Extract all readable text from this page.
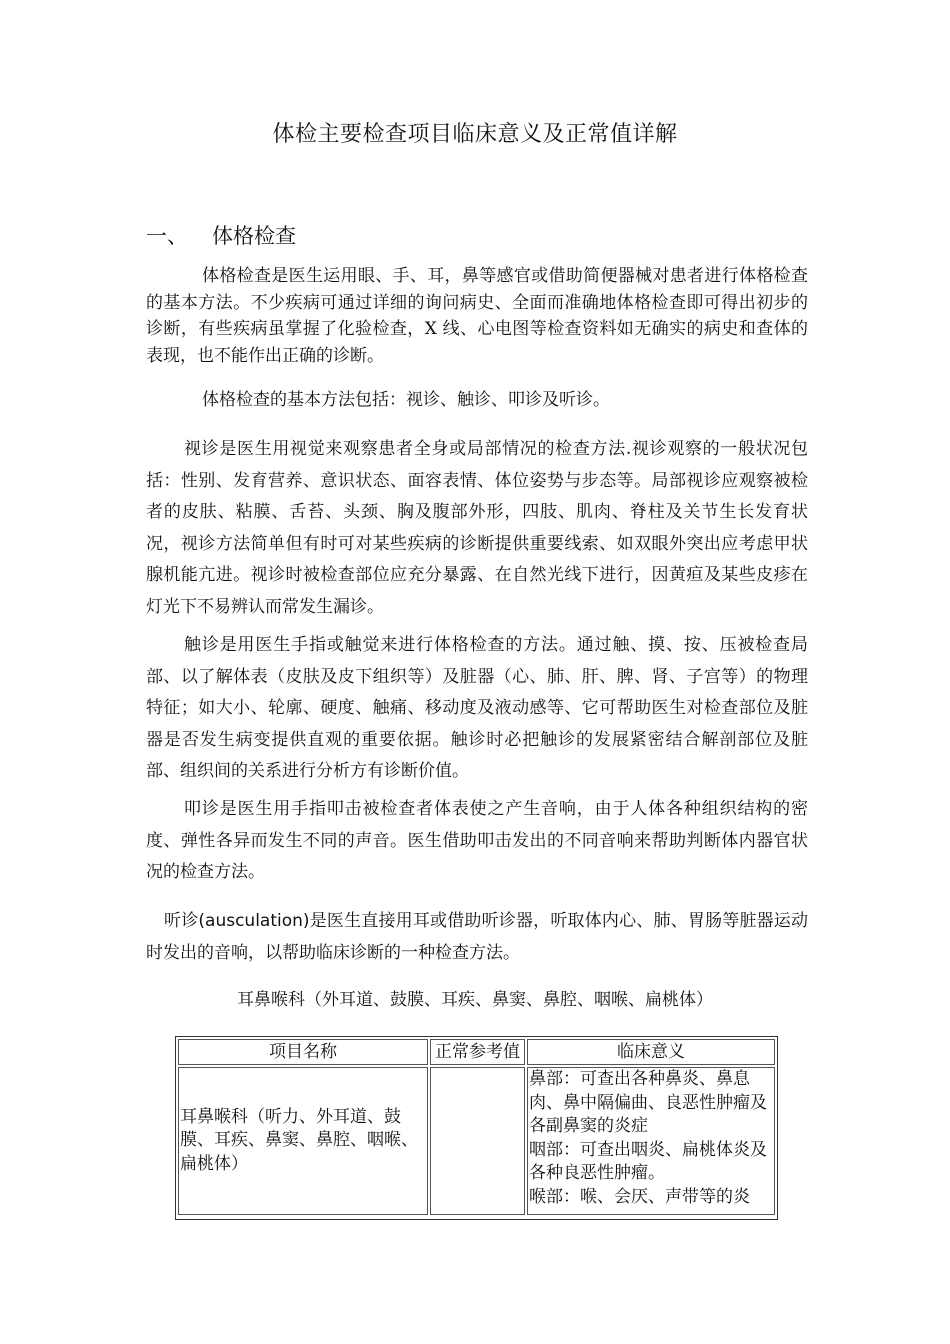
体检主要检查项目临床意义及正常值详解
一、 体格检查

体格检查是医生运用眼、手、耳，鼻等感官或借助简便器械对患者进行体格检查的基本方法。不少疾病可通过详细的询问病史、全面而准确地体格检查即可得出初步的诊断，有些疾病虽掌握了化验检查，X 线、心电图等检查资料如无确实的病史和查体的表现，也不能作出正确的诊断。

体格检查的基本方法包括：视诊、触诊、叩诊及听诊。

视诊是医生用视觉来观察患者全身或局部情况的检查方法.视诊观察的一般状况包括：性别、发育营养、意识状态、面容表情、体位姿势与步态等。局部视诊应观察被检者的皮肤、粘膜、舌苔、头颈、胸及腹部外形，四肢、肌肉、脊柱及关节生长发育状况，视诊方法简单但有时可对某些疾病的诊断提供重要线索、如双眼外突出应考虑甲状腺机能亢进。视诊时被检查部位应充分暴露、在自然光线下进行，因黄疸及某些皮疹在灯光下不易辨认而常发生漏诊。

触诊是用医生手指或触觉来进行体格检查的方法。通过触、摸、按、压被检查局部、以了解体表（皮肤及皮下组织等）及脏器（心、肺、肝、脾、肾、子宫等）的物理特征；如大小、轮廓、硬度、触痛、移动度及液动感等、它可帮助医生对检查部位及脏器是否发生病变提供直观的重要依据。触诊时必把触诊的发展紧密结合解剖部位及脏部、组织间的关系进行分析方有诊断价值。

叩诊是医生用手指叩击被检查者体表使之产生音响，由于人体各种组织结构的密度、弹性各异而发生不同的声音。医生借助叩击发出的不同音响来帮助判断体内器官状况的检查方法。

听诊(ausculation)是医生直接用耳或借助听诊器，听取体内心、肺、胃肠等脏器运动时发出的音响，以帮助临床诊断的一种检查方法。

耳鼻喉科（外耳道、鼓膜、耳疾、鼻窦、鼻腔、咽喉、扁桃体）
项目名称	正常参考值	临床意义
耳鼻喉科（听力、外耳道、鼓膜、耳疾、鼻窦、鼻腔、咽喉、扁桃体）		鼻部：可查出各种鼻炎、鼻息肉、鼻中隔偏曲、良恶性肿瘤及各副鼻窦的炎症
咽部：可查出咽炎、扁桃体炎及各种良恶性肿瘤。
喉部：喉、会厌、声带等的炎
